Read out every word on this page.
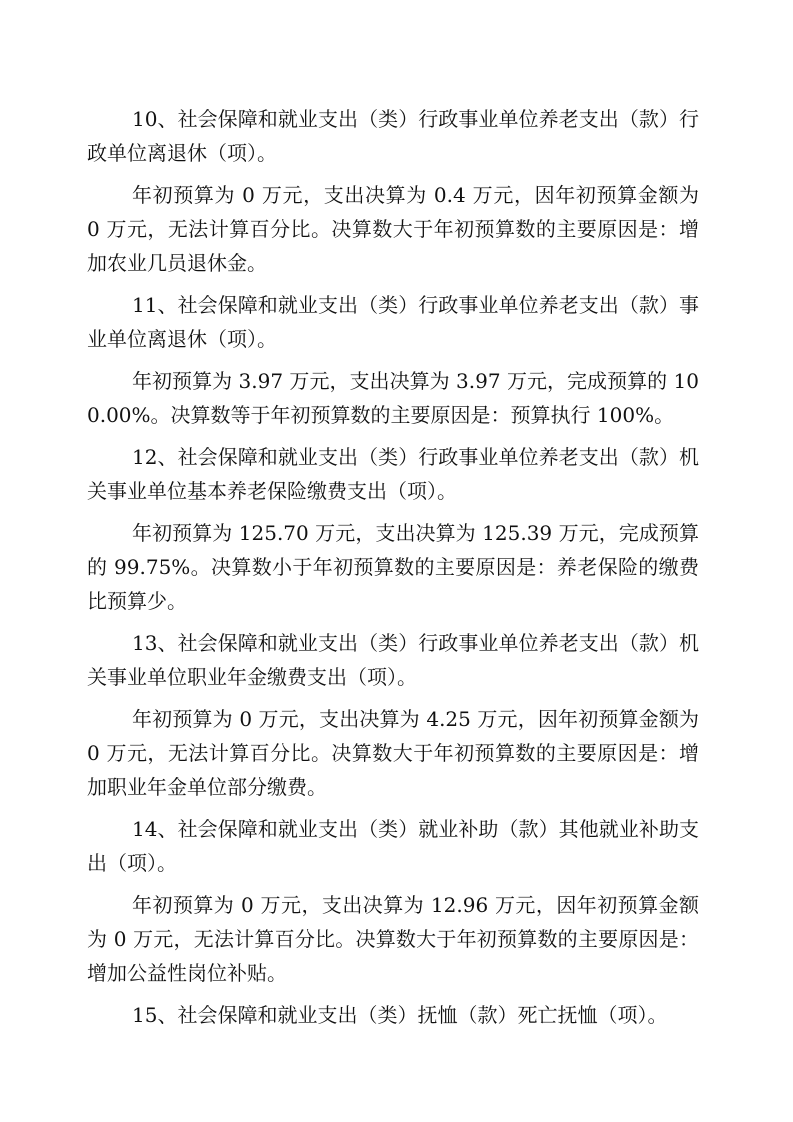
10、社会保障和就业支出（类）行政事业单位养老支出（款）行政单位离退休（项）。

年初预算为 0 万元，支出决算为 0.4 万元，因年初预算金额为 0 万元，无法计算百分比。决算数大于年初预算数的主要原因是：增加农业几员退休金。

11、社会保障和就业支出（类）行政事业单位养老支出（款）事业单位离退休（项）。

年初预算为 3.97 万元，支出决算为 3.97 万元，完成预算的 100.00%。决算数等于年初预算数的主要原因是：预算执行 100%。

12、社会保障和就业支出（类）行政事业单位养老支出（款）机关事业单位基本养老保险缴费支出（项）。

年初预算为 125.70 万元，支出决算为 125.39 万元，完成预算的 99.75%。决算数小于年初预算数的主要原因是：养老保险的缴费比预算少。

13、社会保障和就业支出（类）行政事业单位养老支出（款）机关事业单位职业年金缴费支出（项）。

年初预算为 0 万元，支出决算为 4.25 万元，因年初预算金额为 0 万元，无法计算百分比。决算数大于年初预算数的主要原因是：增加职业年金单位部分缴费。

14、社会保障和就业支出（类）就业补助（款）其他就业补助支出（项）。

年初预算为 0 万元，支出决算为 12.96 万元，因年初预算金额为 0 万元，无法计算百分比。决算数大于年初预算数的主要原因是：增加公益性岗位补贴。

15、社会保障和就业支出（类）抚恤（款）死亡抚恤（项）。
